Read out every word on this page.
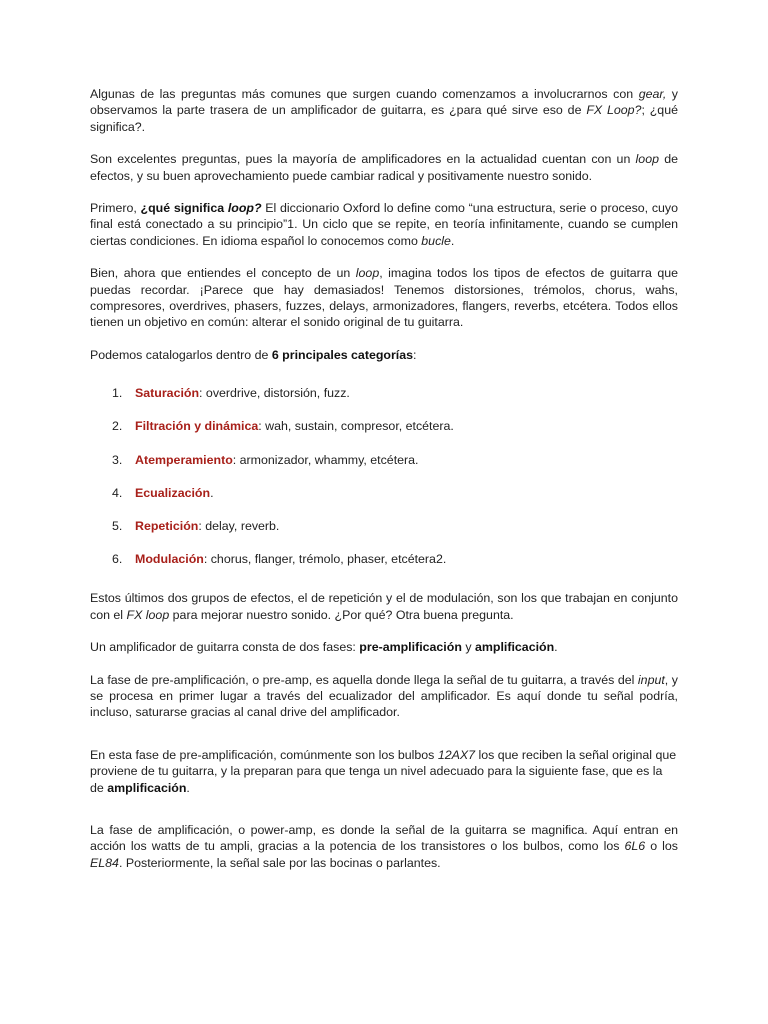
Algunas de las preguntas más comunes que surgen cuando comenzamos a involucrarnos con gear, y observamos la parte trasera de un amplificador de guitarra, es ¿para qué sirve eso de FX Loop?; ¿qué significa?.

Son excelentes preguntas, pues la mayoría de amplificadores en la actualidad cuentan con un loop de efectos, y su buen aprovechamiento puede cambiar radical y positivamente nuestro sonido.

Primero, ¿qué significa loop? El diccionario Oxford lo define como “una estructura, serie o proceso, cuyo final está conectado a su principio”1. Un ciclo que se repite, en teoría infinitamente, cuando se cumplen ciertas condiciones. En idioma español lo conocemos como bucle.

Bien, ahora que entiendes el concepto de un loop, imagina todos los tipos de efectos de guitarra que puedas recordar. ¡Parece que hay demasiados! Tenemos distorsiones, trémolos, chorus, wahs, compresores, overdrives, phasers, fuzzes, delays, armonizadores, flangers, reverbs, etcétera. Todos ellos tienen un objetivo en común: alterar el sonido original de tu guitarra.

Podemos catalogarlos dentro de 6 principales categorías:

1.	Saturación: overdrive, distorsión, fuzz.
2.	Filtración y dinámica: wah, sustain, compresor, etcétera.
3.	Atemperamiento: armonizador, whammy, etcétera.
4.	Ecualización.
5.	Repetición: delay, reverb.
6.	Modulación: chorus, flanger, trémolo, phaser, etcétera2.

Estos últimos dos grupos de efectos, el de repetición y el de modulación, son los que trabajan en conjunto con el FX loop para mejorar nuestro sonido. ¿Por qué? Otra buena pregunta.

Un amplificador de guitarra consta de dos fases: pre-amplificación y amplificación.

La fase de pre-amplificación, o pre-amp, es aquella donde llega la señal de tu guitarra, a través del input, y se procesa en primer lugar a través del ecualizador del amplificador. Es aquí donde tu señal podría, incluso, saturarse gracias al canal drive del amplificador.

En esta fase de pre-amplificación, comúnmente son los bulbos 12AX7 los que reciben la señal original que proviene de tu guitarra, y la preparan para que tenga un nivel adecuado para la siguiente fase, que es la de amplificación.

La fase de amplificación, o power-amp, es donde la señal de la guitarra se magnifica. Aquí entran en acción los watts de tu ampli, gracias a la potencia de los transistores o los bulbos, como los 6L6 o los EL84. Posteriormente, la señal sale por las bocinas o parlantes.
